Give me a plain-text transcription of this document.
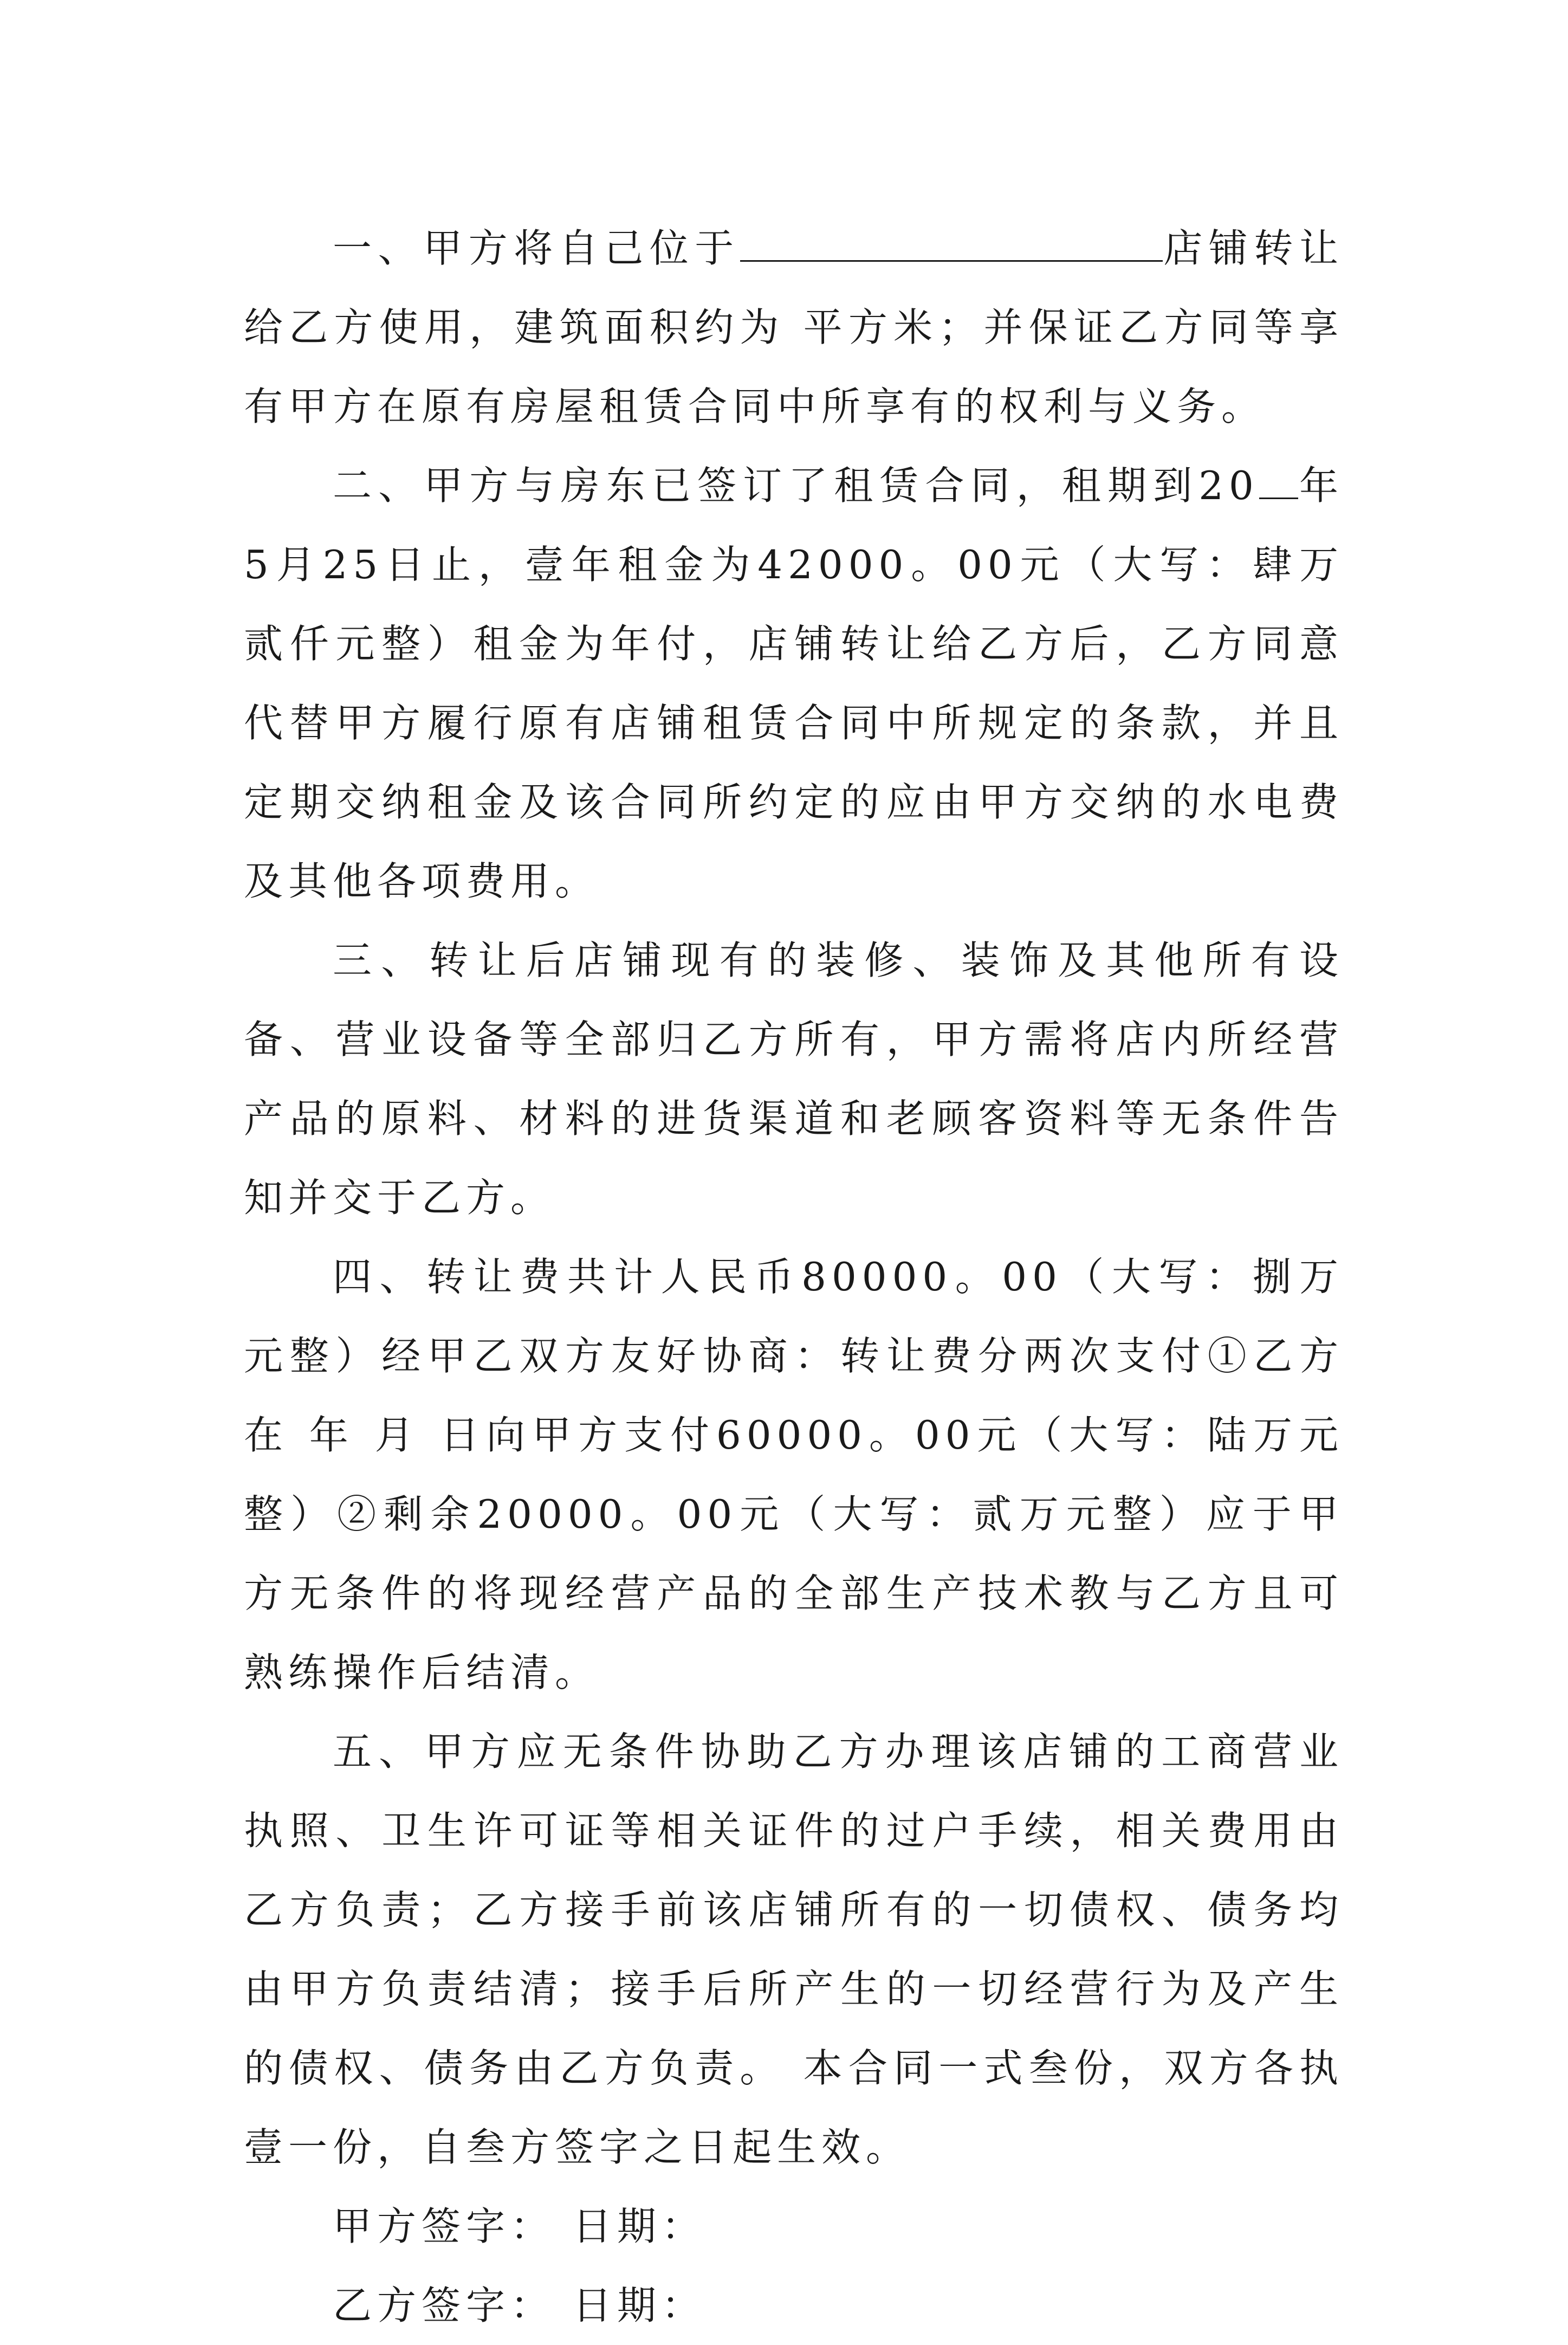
一、甲方将自己位于	店铺转让给乙方使用，建筑面积约为 平方米；并保证乙方同等享有甲方在原有房屋租赁合同中所享有的权利与义务。

二、甲方与房东已签订了租赁合同，租期到20 年5月25日止，壹年租金为42000。00元（大写：肆万贰仟元整）租金为年付，店铺转让给乙方后，乙方同意代替甲方履行原有店铺租赁合同中所规定的条款，并且定期交纳租金及该合同所约定的应由甲方交纳的水电费及其他各项费用。

三、转让后店铺现有的装修、装饰及其他所有设备、营业设备等全部归乙方所有，甲方需将店内所经营产品的原料、材料的进货渠道和老顾客资料等无条件告知并交于乙方。

四、转让费共计人民币80000。00（大写：捌万元整）经甲乙双方友好协商：转让费分两次支付①乙方在 年 月 日向甲方支付60000。00元（大写：陆万元整）②剩余20000。00元（大写：贰万元整）应于甲方无条件的将现经营产品的全部生产技术教与乙方且可熟练操作后结清。

五、甲方应无条件协助乙方办理该店铺的工商营业执照、卫生许可证等相关证件的过户手续，相关费用由乙方负责；乙方接手前该店铺所有的一切债权、债务均由甲方负责结清；接手后所产生的一切经营行为及产生的债权、债务由乙方负责。 本合同一式叁份，双方各执壹一份，自叁方签字之日起生效。

甲方签字： 日期：

乙方签字： 日期：
